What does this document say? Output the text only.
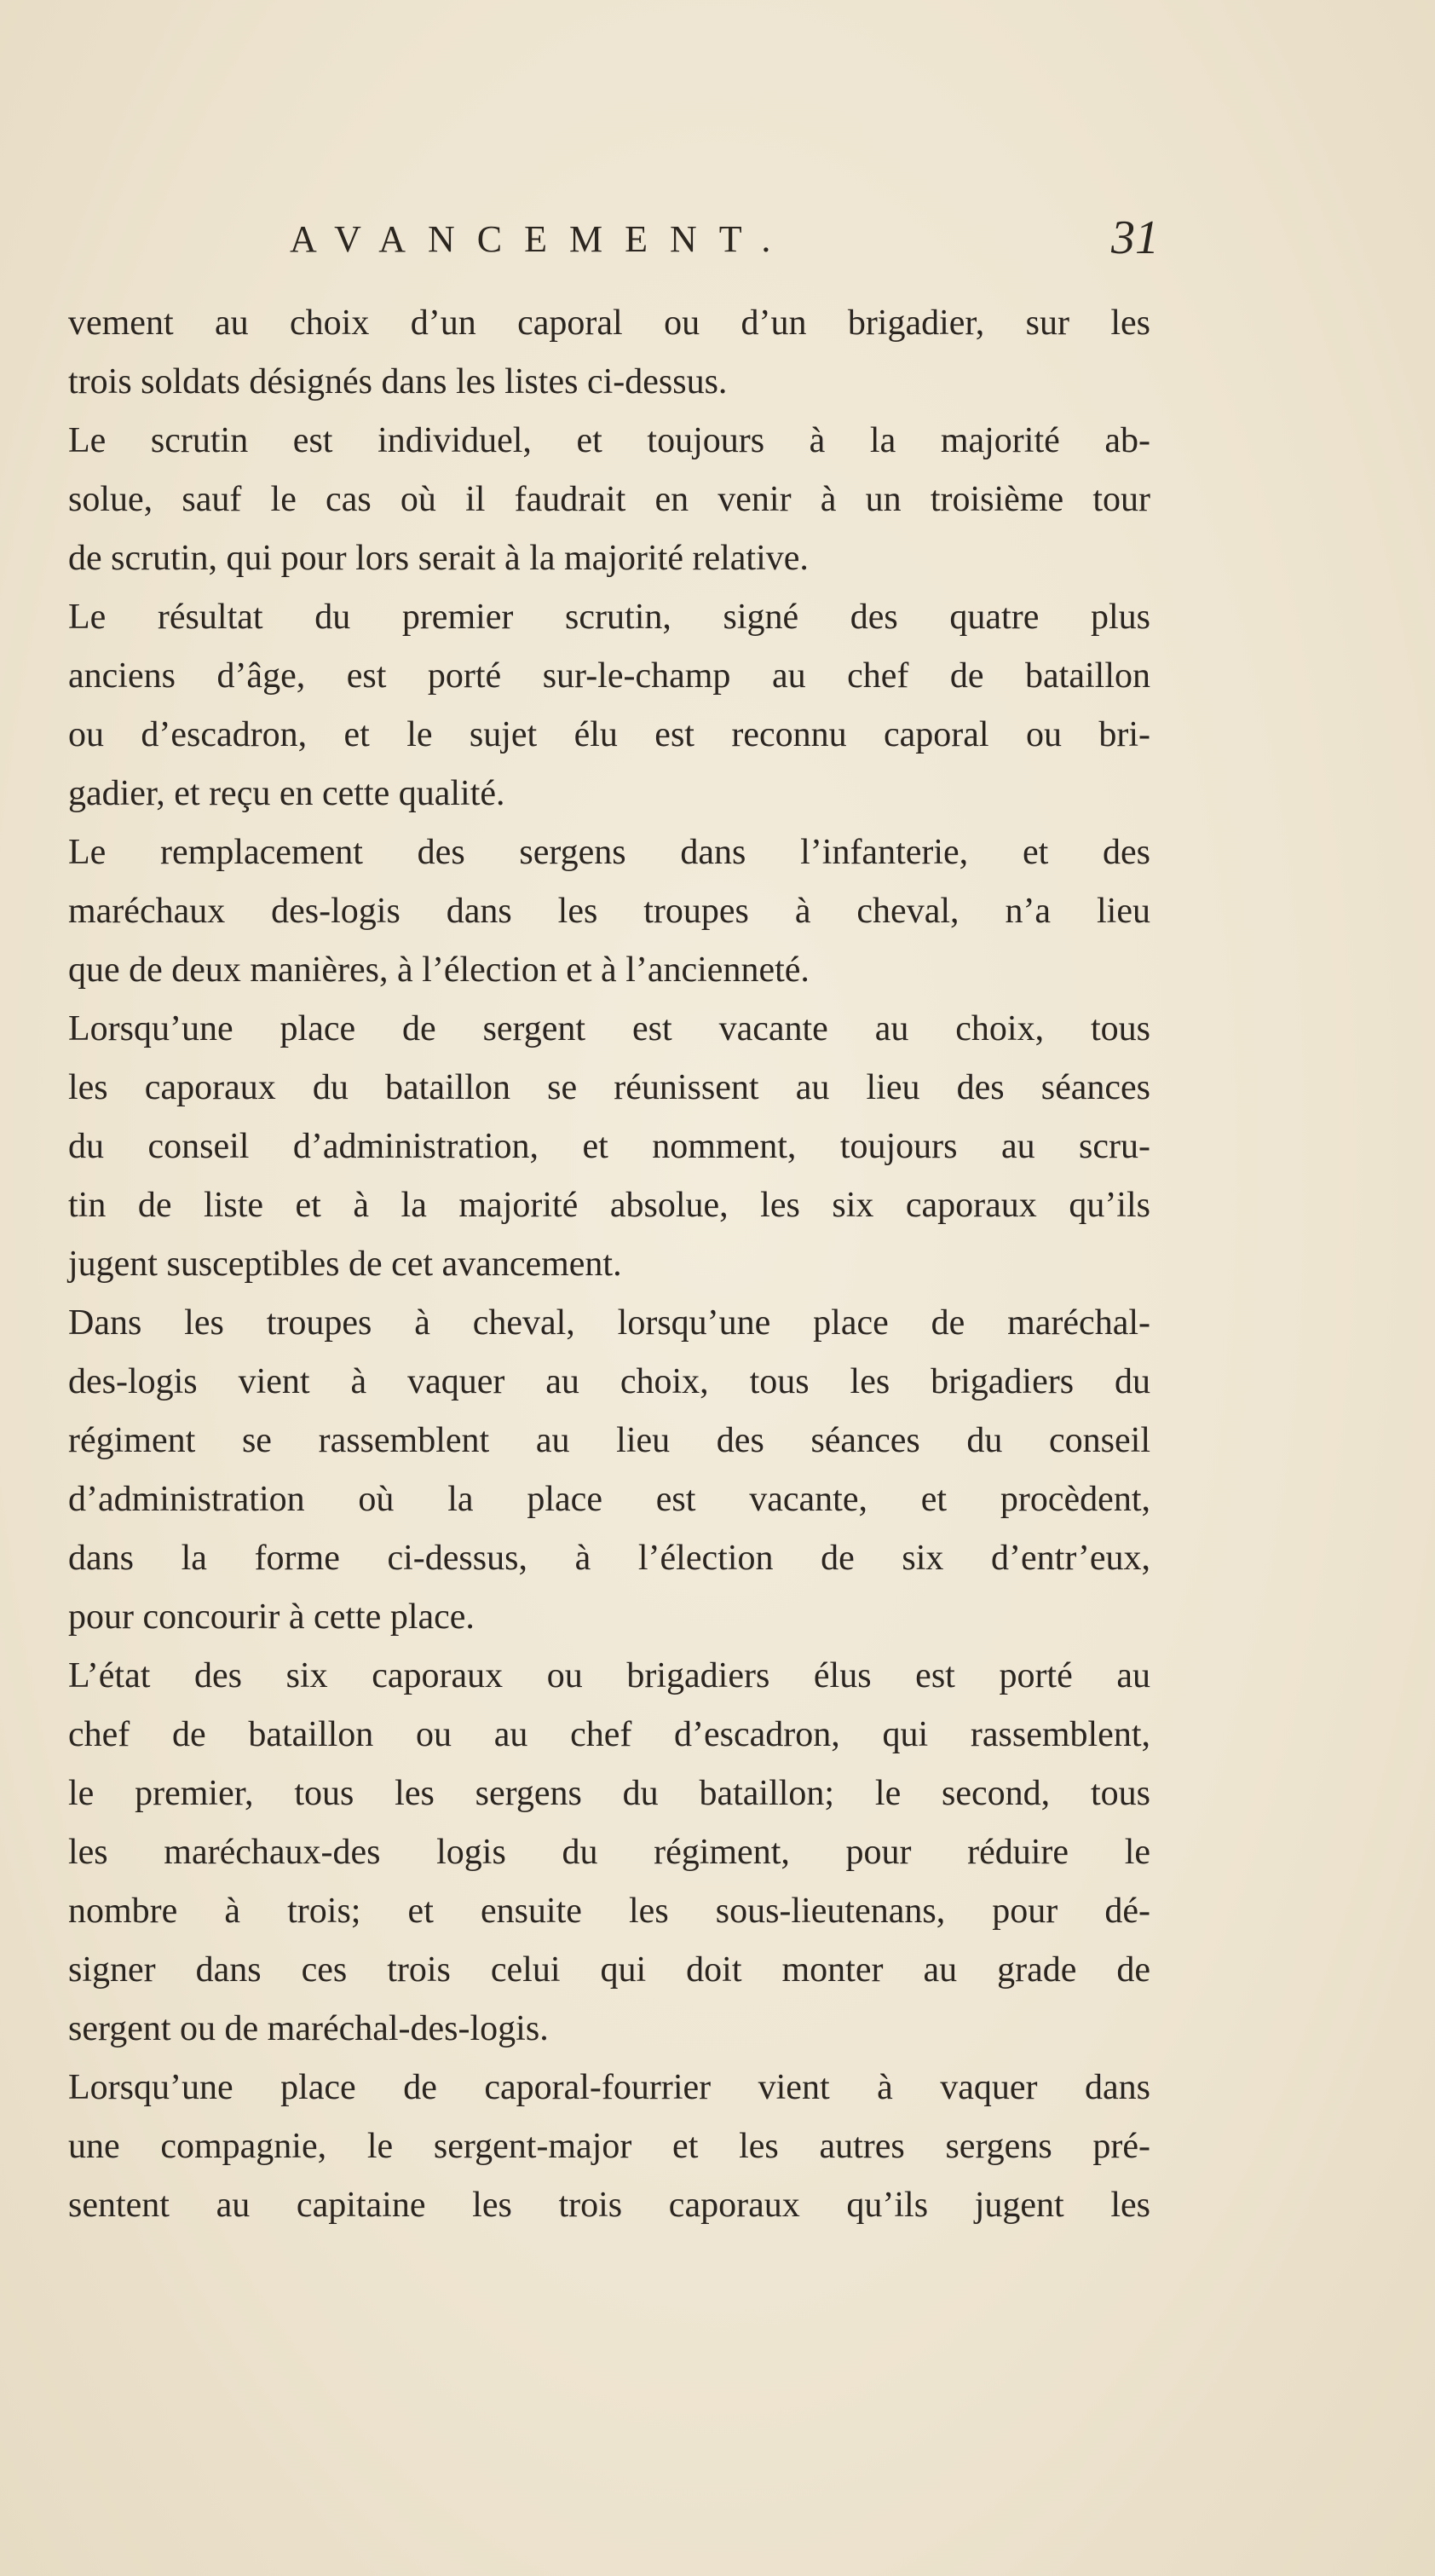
AVANCEMENT.	31
vement au choix d’un caporal ou d’un brigadier, sur les
trois soldats désignés dans les listes ci-dessus.
Le scrutin est individuel, et toujours à la majorité ab-
solue, sauf le cas où il faudrait en venir à un troisième tour
de scrutin, qui pour lors serait à la majorité relative.
Le résultat du premier scrutin, signé des quatre plus
anciens d’âge, est porté sur-le-champ au chef de bataillon
ou d’escadron, et le sujet élu est reconnu caporal ou bri-
gadier, et reçu en cette qualité.
Le remplacement des sergens dans l’infanterie, et des
maréchaux des-logis dans les troupes à cheval, n’a lieu
que de deux manières, à l’élection et à l’ancienneté.
Lorsqu’une place de sergent est vacante au choix, tous
les caporaux du bataillon se réunissent au lieu des séances
du conseil d’administration, et nomment, toujours au scru-
tin de liste et à la majorité absolue, les six caporaux qu’ils
jugent susceptibles de cet avancement.
Dans les troupes à cheval, lorsqu’une place de maréchal-
des-logis vient à vaquer au choix, tous les brigadiers du
régiment se rassemblent au lieu des séances du conseil
d’administration où la place est vacante, et procèdent,
dans la forme ci-dessus, à l’élection de six d’entr’eux,
pour concourir à cette place.
L’état des six caporaux ou brigadiers élus est porté au
chef de bataillon ou au chef d’escadron, qui rassemblent,
le premier, tous les sergens du bataillon; le second, tous
les maréchaux-des logis du régiment, pour réduire le
nombre à trois; et ensuite les sous-lieutenans, pour dé-
signer dans ces trois celui qui doit monter au grade de
sergent ou de maréchal-des-logis.
Lorsqu’une place de caporal-fourrier vient à vaquer dans
une compagnie, le sergent-major et les autres sergens pré-
sentent au capitaine les trois caporaux qu’ils jugent les
